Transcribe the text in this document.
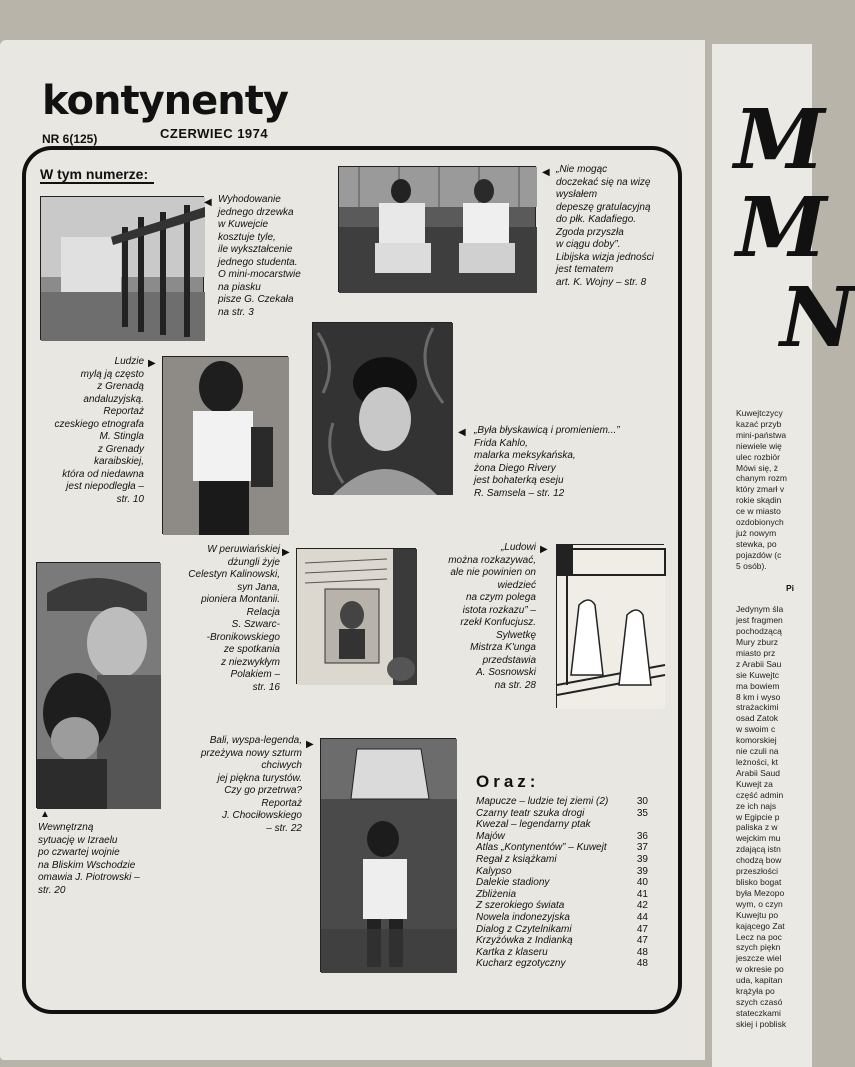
kontynenty
NR 6(125)	CZERWIEC 1974
W tym numerze:
◀ Wyhodowanie
jednego drzewka
w Kuwejcie
kosztuje tyle,
ile wykształcenie
jednego studenta.
O mini-mocarstwie
na piasku
pisze G. Czekała
na str. 3
◀ „Nie mogąc
doczekać się na wizę
wysłałem
depeszę gratulacyjną
do płk. Kadafiego.
Zgoda przyszła
w ciągu doby”.
Libijska wizja jedności
jest tematem
art. K. Wojny – str. 8
▶
Ludzie
mylą ją często
z Grenadą
andaluzyjską.
Reportaż
czeskiego etnografa
M. Stingla
z Grenady
karaibskiej,
która od niedawna
jest niepodległa –
str. 10
◀ „Była błyskawicą i promieniem...”
Frida Kahlo,
malarka meksykańska,
żona Diego Rivery
jest bohaterką eseju
R. Samsela – str. 12
▲
Wewnętrzną
sytuację w Izraelu
po czwartej wojnie
na Bliskim Wschodzie
omawia J. Piotrowski –
str. 20
▶
W peruwiańskiej
dżungli żyje
Celestyn Kalinowski,
syn Jana,
pioniera Montanii.
Relacja
S. Szwarc-
-Bronikowskiego
ze spotkania
z niezwykłym
Polakiem –
str. 16
▶
„Ludowi
można rozkazywać,
ale nie powinien on
wiedzieć
na czym polega
istota rozkazu” –
rzekł Konfucjusz.
Sylwetkę
Mistrza K'unga
przedstawia
A. Sosnowski
na str. 28
▶
Bali, wyspa-legenda,
przeżywa nowy szturm
chciwych
jej piękna turystów.
Czy go przetrwa?
Reportaż
J. Chociłowskiego
– str. 22
Oraz:
Mapucze – ludzie tej ziemi (2)	30
Czarny teatr szuka drogi	35
Kwezal – legendarny ptak
Majów	36
Atlas „Kontynentów” – Kuwejt	37
Regał z książkami	39
Kalypso	39
Dalekie stadiony	40
Zbliżenia	41
Z szerokiego świata	42
Nowela indonezyjska	44
Dialog z Czytelnikami	47
Krzyżówka z Indianką	47
Kartka z klaseru	48
Kucharz egzotyczny	48
M
M
N
Kuwejtczycy
kazać przyb
mini-państwa
niewiele wię
ulec rozbiór
Mówi się, ż
chanym rozm
który zmarł v
rokie skądin
ce w miasto
ozdobionych
już nowym
stewka, po
pojazdów (c
5 osób).

Jedynym śla
jest fragmen
pochodzącą
Mury zburz
miasto prz
z Arabii Sau
sie Kuwejtc
ma bowiem
8 km i wyso
strażackimi
osad Zatok
w swoim c
komorskiej
nie czuli na
leżności, kt
Arabii Saud
Kuwejt za
część admin
ze ich najs
w Egipcie p
paliska z w
wejckim mu
zdającą istn
chodzą bow
przeszłości
blisko bogat
była Mezopo
wym, o czyn
Kuwejtu po
kającego Zat
Lecz na poc
szych piękn
jeszcze wiel
w okresie po
uda, kapitan
krążyła po
szych czasó
stateczkami
skiej i poblisk
Pi
